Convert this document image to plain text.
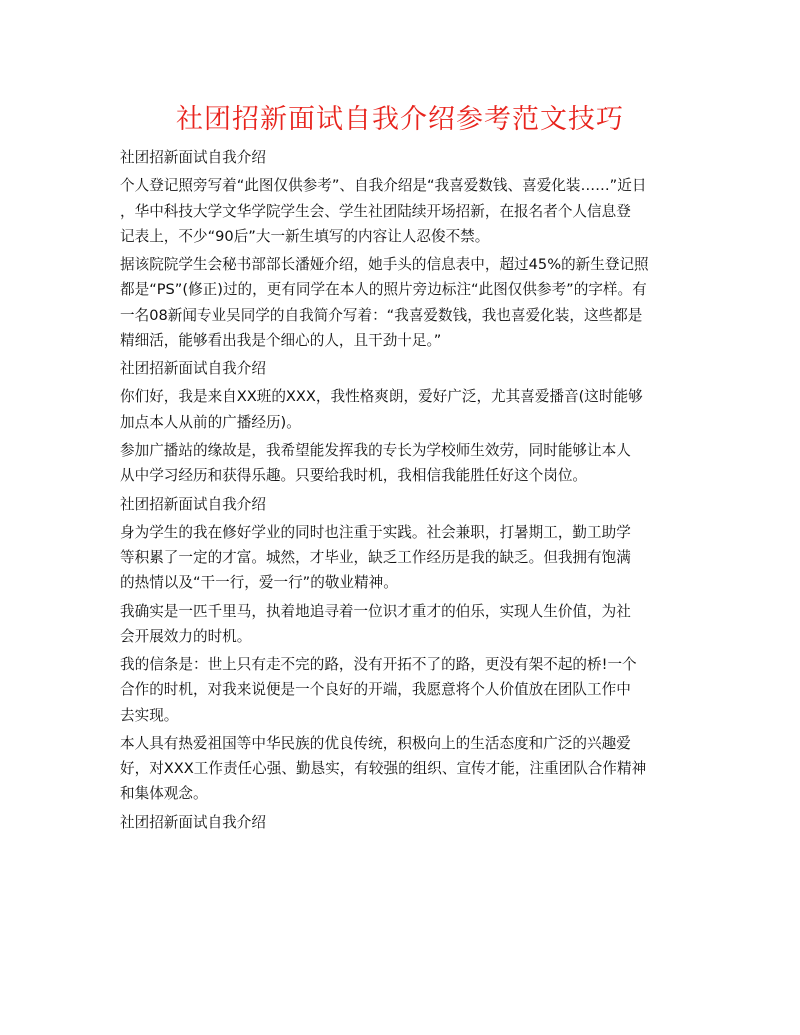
社团招新面试自我介绍参考范文技巧
社团招新面试自我介绍
个人登记照旁写着“此图仅供参考”、自我介绍是“我喜爱数钱、喜爱化装……”近日
，华中科技大学文华学院学生会、学生社团陆续开场招新，在报名者个人信息登
记表上，不少“90后”大一新生填写的内容让人忍俊不禁。
据该院院学生会秘书部部长潘娅介绍，她手头的信息表中，超过45%的新生登记照
都是“PS”(修正)过的，更有同学在本人的照片旁边标注“此图仅供参考”的字样。有
一名08新闻专业吴同学的自我简介写着：“我喜爱数钱，我也喜爱化装，这些都是
精细活，能够看出我是个细心的人，且干劲十足。”
社团招新面试自我介绍
你们好，我是来自XX班的XXX，我性格爽朗，爱好广泛，尤其喜爱播音(这时能够
加点本人从前的广播经历)。
参加广播站的缘故是，我希望能发挥我的专长为学校师生效劳，同时能够让本人
从中学习经历和获得乐趣。只要给我时机，我相信我能胜任好这个岗位。
社团招新面试自我介绍
身为学生的我在修好学业的同时也注重于实践。社会兼职，打暑期工，勤工助学
等积累了一定的才富。城然，才毕业，缺乏工作经历是我的缺乏。但我拥有饱满
的热情以及“干一行，爱一行”的敬业精神。
我确实是一匹千里马，执着地追寻着一位识才重才的伯乐，实现人生价值，为社
会开展效力的时机。
我的信条是：世上只有走不完的路，没有开拓不了的路，更没有架不起的桥!一个
合作的时机，对我来说便是一个良好的开端，我愿意将个人价值放在团队工作中
去实现。
本人具有热爱祖国等中华民族的优良传统，积极向上的生活态度和广泛的兴趣爱
好，对XXX工作责任心强、勤恳实，有较强的组织、宣传才能，注重团队合作精神
和集体观念。
社团招新面试自我介绍
